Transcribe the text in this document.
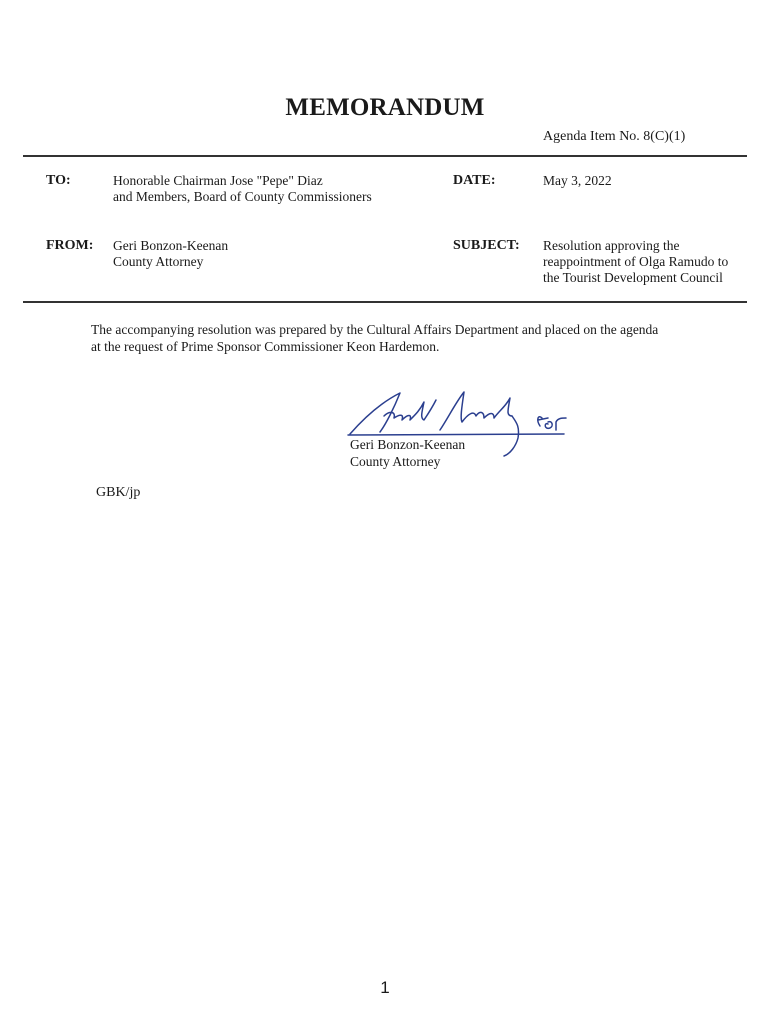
MEMORANDUM
Agenda Item No. 8(C)(1)
TO:	Honorable Chairman Jose "Pepe" Diaz
and Members, Board of County Commissioners
DATE:	May 3, 2022
FROM: Geri Bonzon-Keenan
County Attorney
SUBJECT: Resolution approving the
reappointment of Olga Ramudo to
the Tourist Development Council
The accompanying resolution was prepared by the Cultural Affairs Department and placed on the agenda
at the request of Prime Sponsor Commissioner Keon Hardemon.
Geri Bonzon-Keenan
County Attorney
GBK/jp
1
